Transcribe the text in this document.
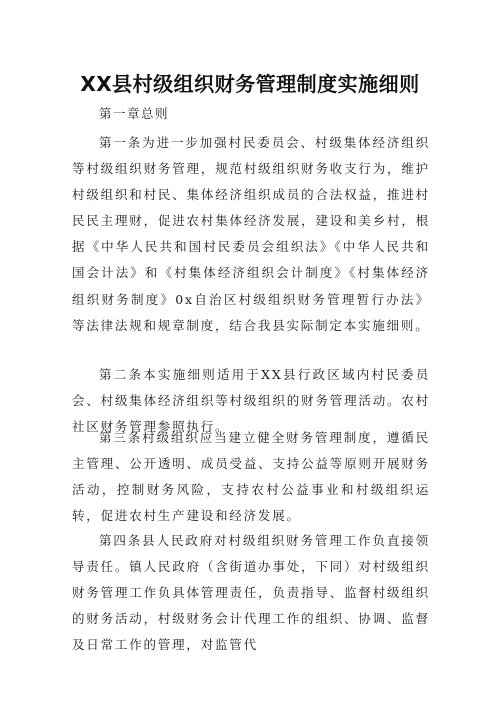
XX县村级组织财务管理制度实施细则
第一章总则

第一条为进一步加强村民委员会、村级集体经济组织等村级组织财务管理，规范村级组织财务收支行为，维护村级组织和村民、集体经济组织成员的合法权益，推进村民民主理财，促进农村集体经济发展，建设和美乡村，根据《中华人民共和国村民委员会组织法》《中华人民共和国会计法》和《村集体经济组织会计制度》《村集体经济组织财务制度》0x自治区村级组织财务管理暂行办法》等法律法规和规章制度，结合我县实际制定本实施细则。

第二条本实施细则适用于XX县行政区域内村民委员会、村级集体经济组织等村级组织的财务管理活动。农村社区财务管理参照执行。

第三条村级组织应当建立健全财务管理制度，遵循民主管理、公开透明、成员受益、支持公益等原则开展财务活动，控制财务风险，支持农村公益事业和村级组织运转，促进农村生产建设和经济发展。

第四条县人民政府对村级组织财务管理工作负直接领导责任。镇人民政府（含街道办事处，下同）对村级组织财务管理工作负具体管理责任，负责指导、监督村级组织的财务活动，村级财务会计代理工作的组织、协调、监督及日常工作的管理，对监管代
